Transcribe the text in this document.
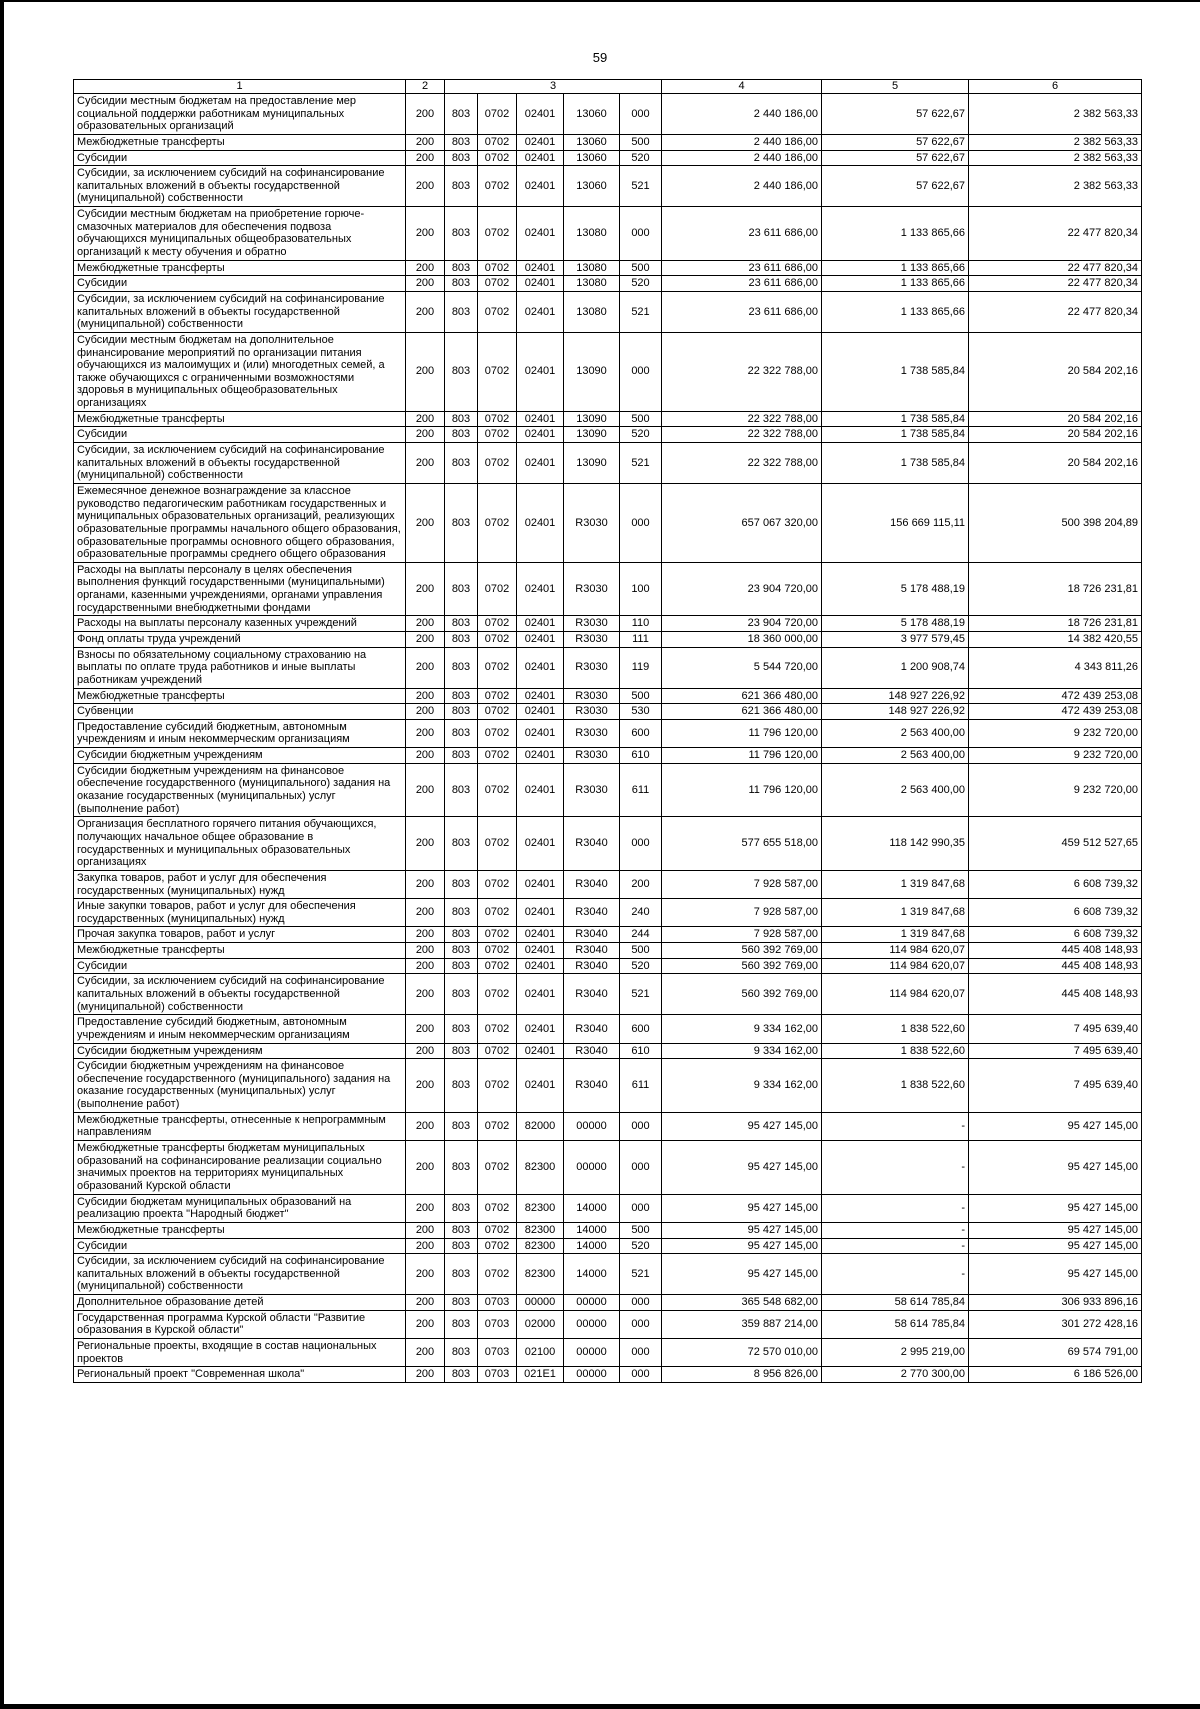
59
1	2	3					4	5	6
Субсидии местным бюджетам на предоставление мер социальной поддержки работникам муниципальных образовательных организаций	200	803	0702	02401	13060	000	2 440 186,00	57 622,67	2 382 563,33
Межбюджетные трансферты	200	803	0702	02401	13060	500	2 440 186,00	57 622,67	2 382 563,33
Субсидии	200	803	0702	02401	13060	520	2 440 186,00	57 622,67	2 382 563,33
Субсидии, за исключением субсидий на софинансирование капитальных вложений в объекты государственной (муниципальной) собственности	200	803	0702	02401	13060	521	2 440 186,00	57 622,67	2 382 563,33
Субсидии местным бюджетам на приобретение горюче-смазочных материалов для обеспечения подвоза обучающихся муниципальных общеобразовательных организаций к месту обучения и обратно	200	803	0702	02401	13080	000	23 611 686,00	1 133 865,66	22 477 820,34
Межбюджетные трансферты	200	803	0702	02401	13080	500	23 611 686,00	1 133 865,66	22 477 820,34
Субсидии	200	803	0702	02401	13080	520	23 611 686,00	1 133 865,66	22 477 820,34
Субсидии, за исключением субсидий на софинансирование капитальных вложений в объекты государственной (муниципальной) собственности	200	803	0702	02401	13080	521	23 611 686,00	1 133 865,66	22 477 820,34
Субсидии местным бюджетам на дополнительное финансирование мероприятий по организации питания обучающихся из малоимущих и (или) многодетных семей, а также обучающихся с ограниченными возможностями здоровья в муниципальных общеобразовательных организациях	200	803	0702	02401	13090	000	22 322 788,00	1 738 585,84	20 584 202,16
Межбюджетные трансферты	200	803	0702	02401	13090	500	22 322 788,00	1 738 585,84	20 584 202,16
Субсидии	200	803	0702	02401	13090	520	22 322 788,00	1 738 585,84	20 584 202,16
Субсидии, за исключением субсидий на софинансирование капитальных вложений в объекты государственной (муниципальной) собственности	200	803	0702	02401	13090	521	22 322 788,00	1 738 585,84	20 584 202,16
Ежемесячное денежное вознаграждение за классное руководство педагогическим работникам государственных и муниципальных образовательных организаций, реализующих образовательные программы начального общего образования, образовательные программы основного общего образования, образовательные программы среднего общего образования	200	803	0702	02401	R3030	000	657 067 320,00	156 669 115,11	500 398 204,89
Расходы на выплаты персоналу в целях обеспечения выполнения функций государственными (муниципальными) органами, казенными учреждениями, органами управления государственными внебюджетными фондами	200	803	0702	02401	R3030	100	23 904 720,00	5 178 488,19	18 726 231,81
Расходы на выплаты персоналу казенных учреждений	200	803	0702	02401	R3030	110	23 904 720,00	5 178 488,19	18 726 231,81
Фонд оплаты труда учреждений	200	803	0702	02401	R3030	111	18 360 000,00	3 977 579,45	14 382 420,55
Взносы по обязательному социальному страхованию на выплаты по оплате труда работников и иные выплаты работникам учреждений	200	803	0702	02401	R3030	119	5 544 720,00	1 200 908,74	4 343 811,26
Межбюджетные трансферты	200	803	0702	02401	R3030	500	621 366 480,00	148 927 226,92	472 439 253,08
Субвенции	200	803	0702	02401	R3030	530	621 366 480,00	148 927 226,92	472 439 253,08
Предоставление субсидий бюджетным, автономным учреждениям и иным некоммерческим организациям	200	803	0702	02401	R3030	600	11 796 120,00	2 563 400,00	9 232 720,00
Субсидии бюджетным учреждениям	200	803	0702	02401	R3030	610	11 796 120,00	2 563 400,00	9 232 720,00
Субсидии бюджетным учреждениям на финансовое обеспечение государственного (муниципального) задания на оказание государственных (муниципальных) услуг (выполнение работ)	200	803	0702	02401	R3030	611	11 796 120,00	2 563 400,00	9 232 720,00
Организация бесплатного горячего питания обучающихся, получающих начальное общее образование в государственных и муниципальных образовательных организациях	200	803	0702	02401	R3040	000	577 655 518,00	118 142 990,35	459 512 527,65
Закупка товаров, работ и услуг для обеспечения государственных (муниципальных) нужд	200	803	0702	02401	R3040	200	7 928 587,00	1 319 847,68	6 608 739,32
Иные закупки товаров, работ и услуг для обеспечения государственных (муниципальных) нужд	200	803	0702	02401	R3040	240	7 928 587,00	1 319 847,68	6 608 739,32
Прочая закупка товаров, работ и услуг	200	803	0702	02401	R3040	244	7 928 587,00	1 319 847,68	6 608 739,32
Межбюджетные трансферты	200	803	0702	02401	R3040	500	560 392 769,00	114 984 620,07	445 408 148,93
Субсидии	200	803	0702	02401	R3040	520	560 392 769,00	114 984 620,07	445 408 148,93
Субсидии, за исключением субсидий на софинансирование капитальных вложений в объекты государственной (муниципальной) собственности	200	803	0702	02401	R3040	521	560 392 769,00	114 984 620,07	445 408 148,93
Предоставление субсидий бюджетным, автономным учреждениям и иным некоммерческим организациям	200	803	0702	02401	R3040	600	9 334 162,00	1 838 522,60	7 495 639,40
Субсидии бюджетным учреждениям	200	803	0702	02401	R3040	610	9 334 162,00	1 838 522,60	7 495 639,40
Субсидии бюджетным учреждениям на финансовое обеспечение государственного (муниципального) задания на оказание государственных (муниципальных) услуг (выполнение работ)	200	803	0702	02401	R3040	611	9 334 162,00	1 838 522,60	7 495 639,40
Межбюджетные трансферты, отнесенные к непрограммным направлениям	200	803	0702	82000	00000	000	95 427 145,00	-	95 427 145,00
Межбюджетные трансферты бюджетам муниципальных образований на софинансирование реализации социально значимых проектов на территориях муниципальных образований Курской области	200	803	0702	82300	00000	000	95 427 145,00	-	95 427 145,00
Субсидии бюджетам муниципальных образований на реализацию проекта "Народный бюджет"	200	803	0702	82300	14000	000	95 427 145,00	-	95 427 145,00
Межбюджетные трансферты	200	803	0702	82300	14000	500	95 427 145,00	-	95 427 145,00
Субсидии	200	803	0702	82300	14000	520	95 427 145,00	-	95 427 145,00
Субсидии, за исключением субсидий на софинансирование капитальных вложений в объекты государственной (муниципальной) собственности	200	803	0702	82300	14000	521	95 427 145,00	-	95 427 145,00
Дополнительное образование детей	200	803	0703	00000	00000	000	365 548 682,00	58 614 785,84	306 933 896,16
Государственная программа Курской области "Развитие образования в Курской области"	200	803	0703	02000	00000	000	359 887 214,00	58 614 785,84	301 272 428,16
Региональные проекты, входящие в состав национальных проектов	200	803	0703	02100	00000	000	72 570 010,00	2 995 219,00	69 574 791,00
Региональный проект "Современная школа"	200	803	0703	021E1	00000	000	8 956 826,00	2 770 300,00	6 186 526,00
